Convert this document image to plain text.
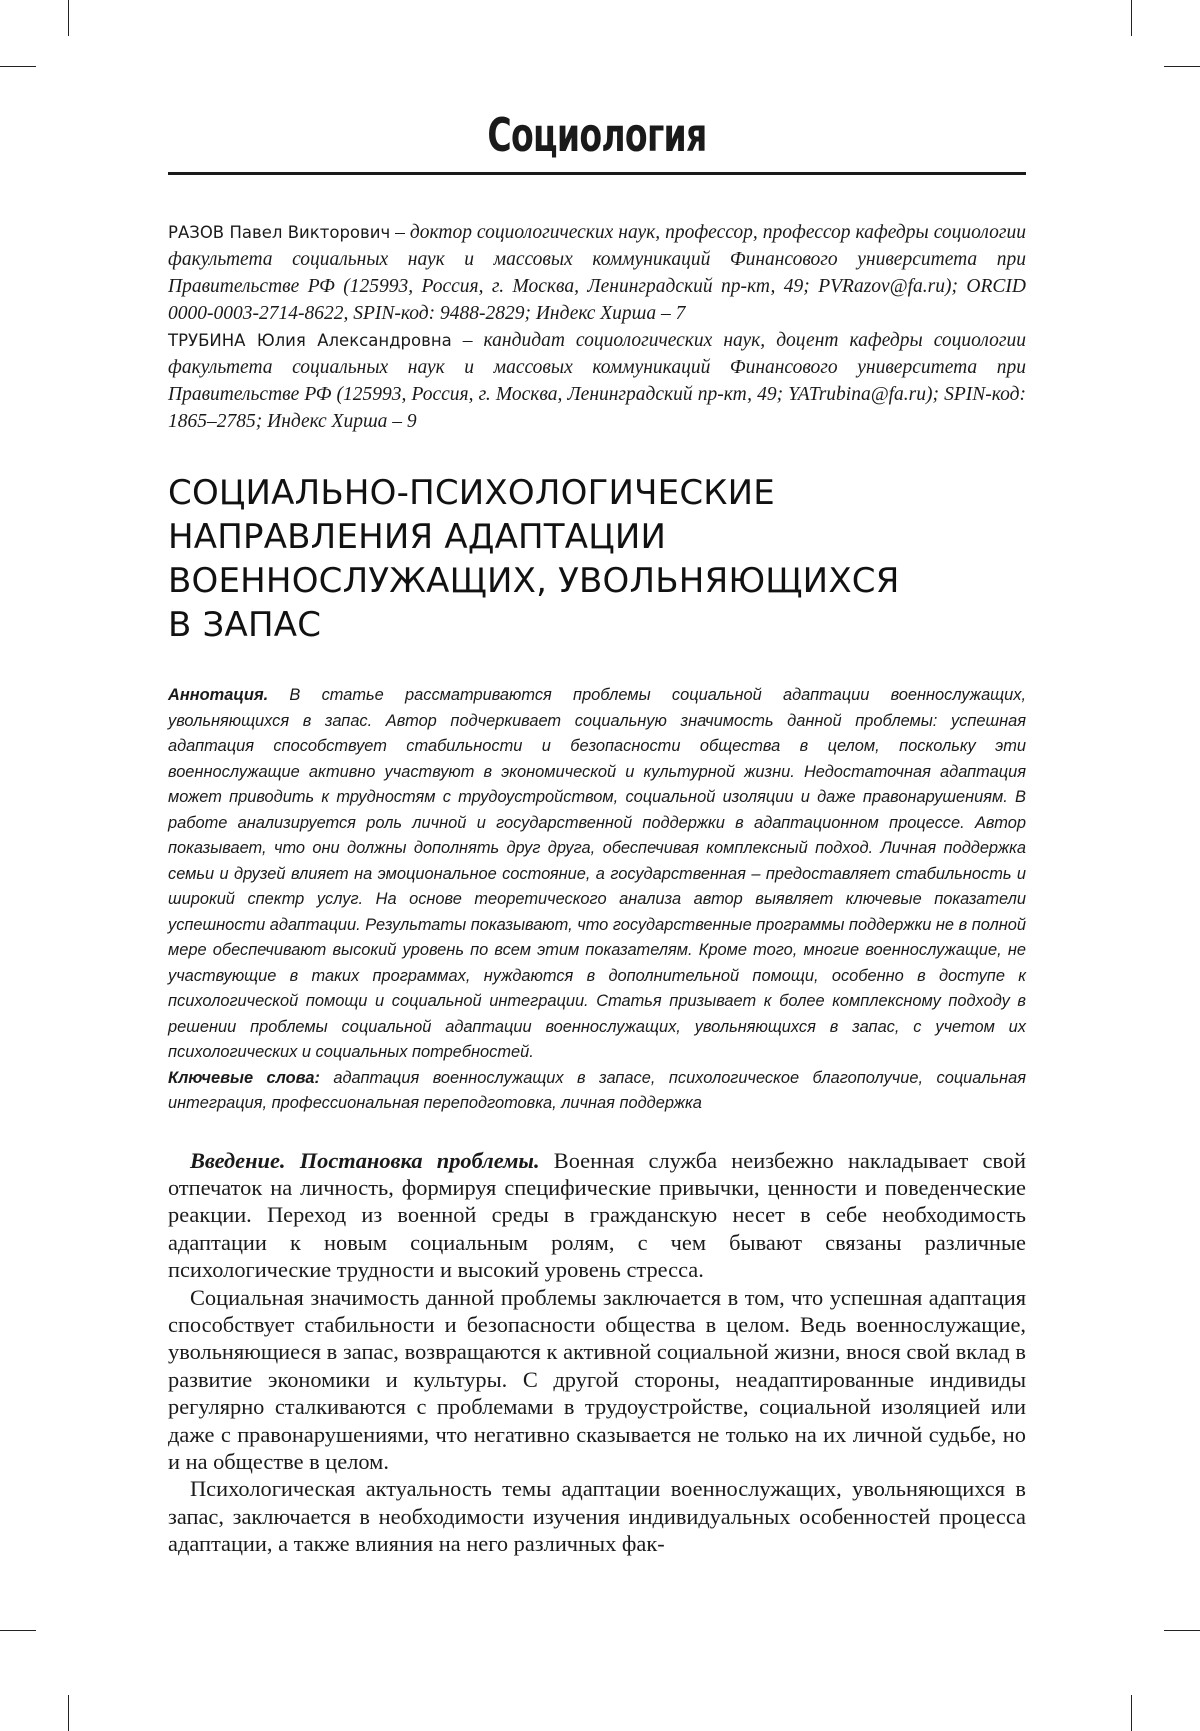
Социология

РАЗОВ Павел Викторович – доктор социологических наук, профессор, профессор кафедры социологии факультета социальных наук и массовых коммуникаций Финансового университета при Правительстве РФ (125993, Россия, г. Москва, Ленинградский пр-кт, 49; PVRazov@fa.ru); ORCID 0000-0003-2714-8622, SPIN-код: 9488-2829; Индекс Хирша – 7

ТРУБИНА Юлия Александровна – кандидат социологических наук, доцент кафедры социологии факультета социальных наук и массовых коммуникаций Финансового университета при Правительстве РФ (125993, Россия, г. Москва, Ленинградский пр-кт, 49; YATrubina@fa.ru); SPIN-код: 1865–2785; Индекс Хирша – 9

СОЦИАЛЬНО-ПСИХОЛОГИЧЕСКИЕ
НАПРАВЛЕНИЯ АДАПТАЦИИ
ВОЕННОСЛУЖАЩИХ, УВОЛЬНЯЮЩИХСЯ
В ЗАПАС

Аннотация. В статье рассматриваются проблемы социальной адаптации военнослужащих, увольняющихся в запас. Автор подчеркивает социальную значимость данной проблемы: успешная адаптация способствует стабильности и безопасности общества в целом, поскольку эти военнослужащие активно участвуют в экономической и культурной жизни. Недостаточная адаптация может приводить к трудностям с трудоустройством, социальной изоляции и даже правонарушениям. В работе анализируется роль личной и государственной поддержки в адаптационном процессе. Автор показывает, что они должны дополнять друг друга, обеспечивая комплексный подход. Личная поддержка семьи и друзей влияет на эмоциональное состояние, а государственная – предоставляет стабильность и широкий спектр услуг. На основе теоретического анализа автор выявляет ключевые показатели успешности адаптации. Результаты показывают, что государственные программы поддержки не в полной мере обеспечивают высокий уровень по всем этим показателям. Кроме того, многие военнослужащие, не участвующие в таких программах, нуждаются в дополнительной помощи, особенно в доступе к психологической помощи и социальной интеграции. Статья призывает к более комплексному подходу в решении проблемы социальной адаптации военнослужащих, увольняющихся в запас, с учетом их психологических и социальных потребностей.

Ключевые слова: адаптация военнослужащих в запасе, психологическое благополучие, социальная интеграция, профессиональная переподготовка, личная поддержка

Введение. Постановка проблемы. Военная служба неизбежно накладывает свой отпечаток на личность, формируя специфические привычки, ценности и поведенческие реакции. Переход из военной среды в гражданскую несет в себе необходимость адаптации к новым социальным ролям, с чем бывают связаны различные психологические трудности и высокий уровень стресса.

Социальная значимость данной проблемы заключается в том, что успешная адаптация способствует стабильности и безопасности общества в целом. Ведь военнослужащие, увольняющиеся в запас, возвращаются к активной социальной жизни, внося свой вклад в развитие экономики и культуры. С другой стороны, неадаптированные индивиды регулярно сталкиваются с проблемами в трудоустройстве, социальной изоляцией или даже с правонарушениями, что негативно сказывается не только на их личной судьбе, но и на обществе в целом.

Психологическая актуальность темы адаптации военнослужащих, увольняющихся в запас, заключается в необходимости изучения индивидуальных особенностей процесса адаптации, а также влияния на него различных фак-
